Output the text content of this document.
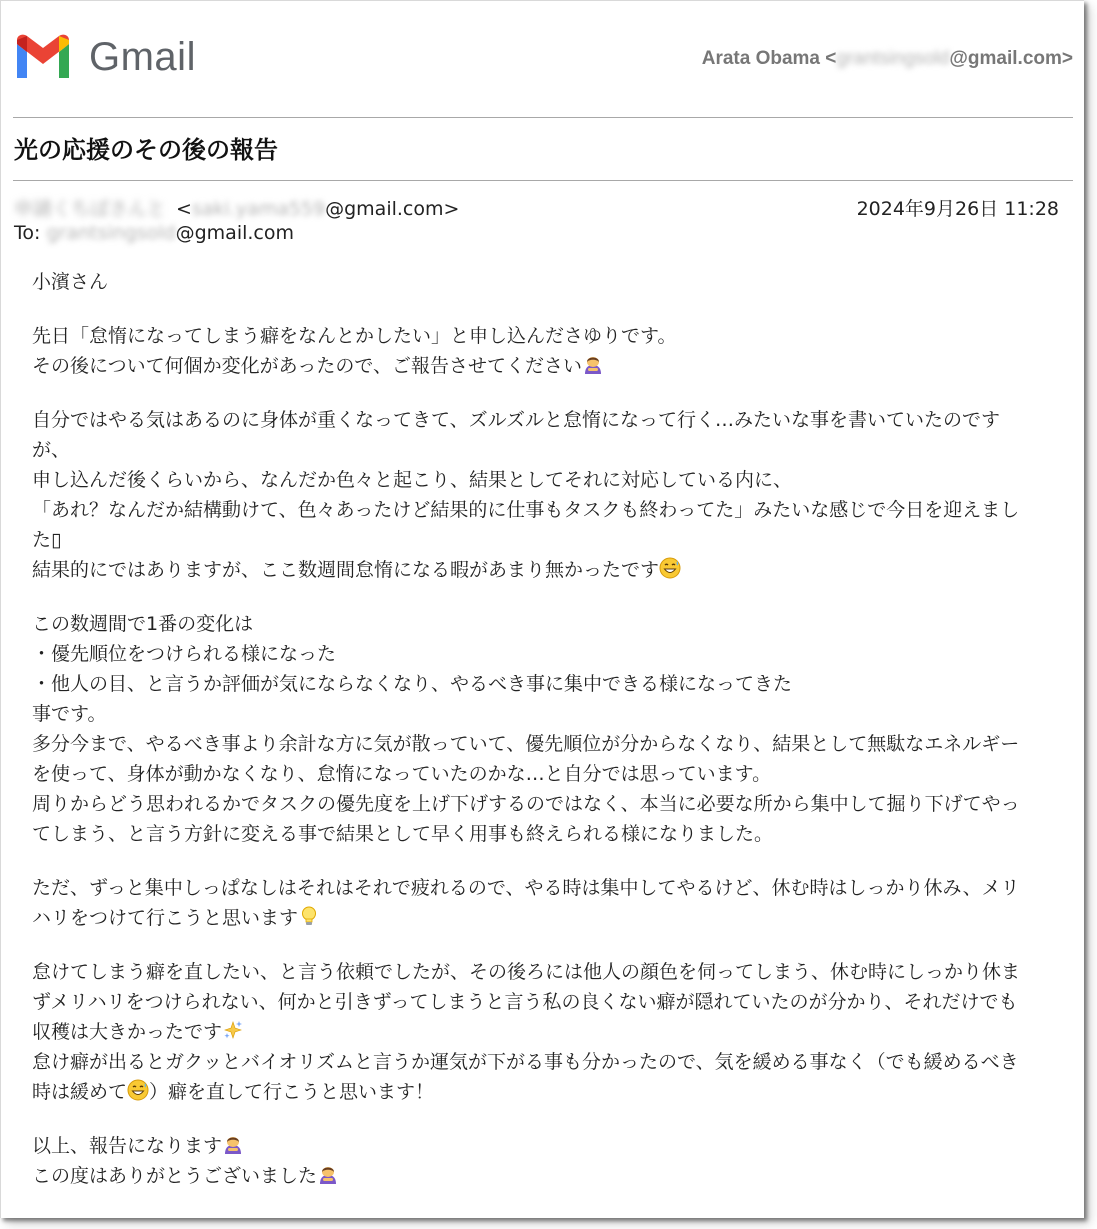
Gmail	Arata Obama <grantsingsold@gmail.com>
光の応援のその後の報告
申請くちばさんと <saki.yama559@gmail.com>	2024年9月26日 11:28
To: grantsingsold@gmail.com
小濱さん
先日「怠惰になってしまう癖をなんとかしたい」と申し込んださゆりです。
その後について何個か変化があったので、ご報告させてください
自分ではやる気はあるのに身体が重くなってきて、ズルズルと怠惰になって行く…みたいな事を書いていたのです
が、
申し込んだ後くらいから、なんだか色々と起こり、結果としてそれに対応している内に、
「あれ？なんだか結構動けて、色々あったけど結果的に仕事もタスクも終わってた」みたいな感じで今日を迎えまし
た▯
結果的にではありますが、ここ数週間怠惰になる暇があまり無かったです
この数週間で1番の変化は
・優先順位をつけられる様になった
・他人の目、と言うか評価が気にならなくなり、やるべき事に集中できる様になってきた
事です。
多分今まで、やるべき事より余計な方に気が散っていて、優先順位が分からなくなり、結果として無駄なエネルギー
を使って、身体が動かなくなり、怠惰になっていたのかな…と自分では思っています。
周りからどう思われるかでタスクの優先度を上げ下げするのではなく、本当に必要な所から集中して掘り下げてやっ
てしまう、と言う方針に変える事で結果として早く用事も終えられる様になりました。
ただ、ずっと集中しっぱなしはそれはそれで疲れるので、やる時は集中してやるけど、休む時はしっかり休み、メリ
ハリをつけて行こうと思います
怠けてしまう癖を直したい、と言う依頼でしたが、その後ろには他人の顔色を伺ってしまう、休む時にしっかり休ま
ずメリハリをつけられない、何かと引きずってしまうと言う私の良くない癖が隠れていたのが分かり、それだけでも
収穫は大きかったです
怠け癖が出るとガクッとバイオリズムと言うか運気が下がる事も分かったので、気を緩める事なく（でも緩めるべき
時は緩めて ）癖を直して行こうと思います！
以上、報告になります
この度はありがとうございました
